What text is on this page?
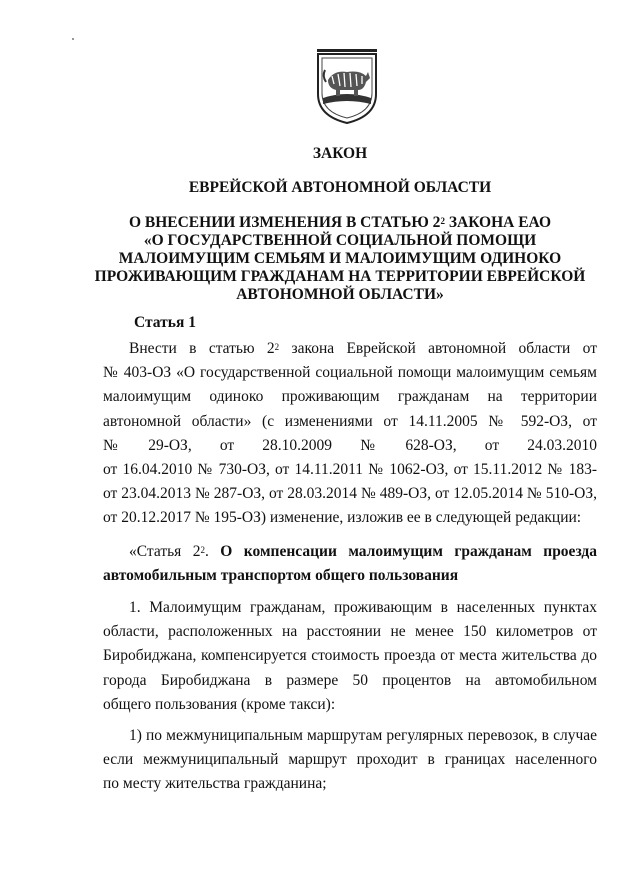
ЗАКОН
ЕВРЕЙСКОЙ АВТОНОМНОЙ ОБЛАСТИ
О ВНЕСЕНИИ ИЗМЕНЕНИЯ В СТАТЬЮ $2^2$ ЗАКОНА ЕАО
«О ГОСУДАРСТВЕННОЙ СОЦИАЛЬНОЙ ПОМОЩИ
МАЛОИМУЩИМ СЕМЬЯМ И МАЛОИМУЩИМ ОДИНОКО
ПРОЖИВАЮЩИМ ГРАЖДАНАМ НА ТЕРРИТОРИИ ЕВРЕЙСКОЙ
АВТОНОМНОЙ ОБЛАСТИ»
Статья 1
Внести в статью $2^2$ закона Еврейской автономной области от
№ 403-ОЗ «О государственной социальной помощи малоимущим семьям
малоимущим одиноко проживающим гражданам на территории
автономной области» (с изменениями от 14.11.2005 № 592-ОЗ, от
№ 29-ОЗ, от 28.10.2009 № 628-ОЗ, от 24.03.2010
от 16.04.2010 № 730-ОЗ, от 14.11.2011 № 1062-ОЗ, от 15.11.2012 № 183-
от 23.04.2013 № 287-ОЗ, от 28.03.2014 № 489-ОЗ, от 12.05.2014 № 510-ОЗ,
от 20.12.2017 № 195-ОЗ) изменение, изложив ее в следующей редакции:
«Статья $2^2$. О компенсации малоимущим гражданам проезда
автомобильным транспортом общего пользования
1. Малоимущим гражданам, проживающим в населенных пунктах
области, расположенных на расстоянии не менее 150 километров от
Биробиджана, компенсируется стоимость проезда от места жительства до
города Биробиджана в размере 50 процентов на автомобильном
общего пользования (кроме такси):
1) по межмуниципальным маршрутам регулярных перевозок, в случае
если межмуниципальный маршрут проходит в границах населенного
по месту жительства гражданина;
